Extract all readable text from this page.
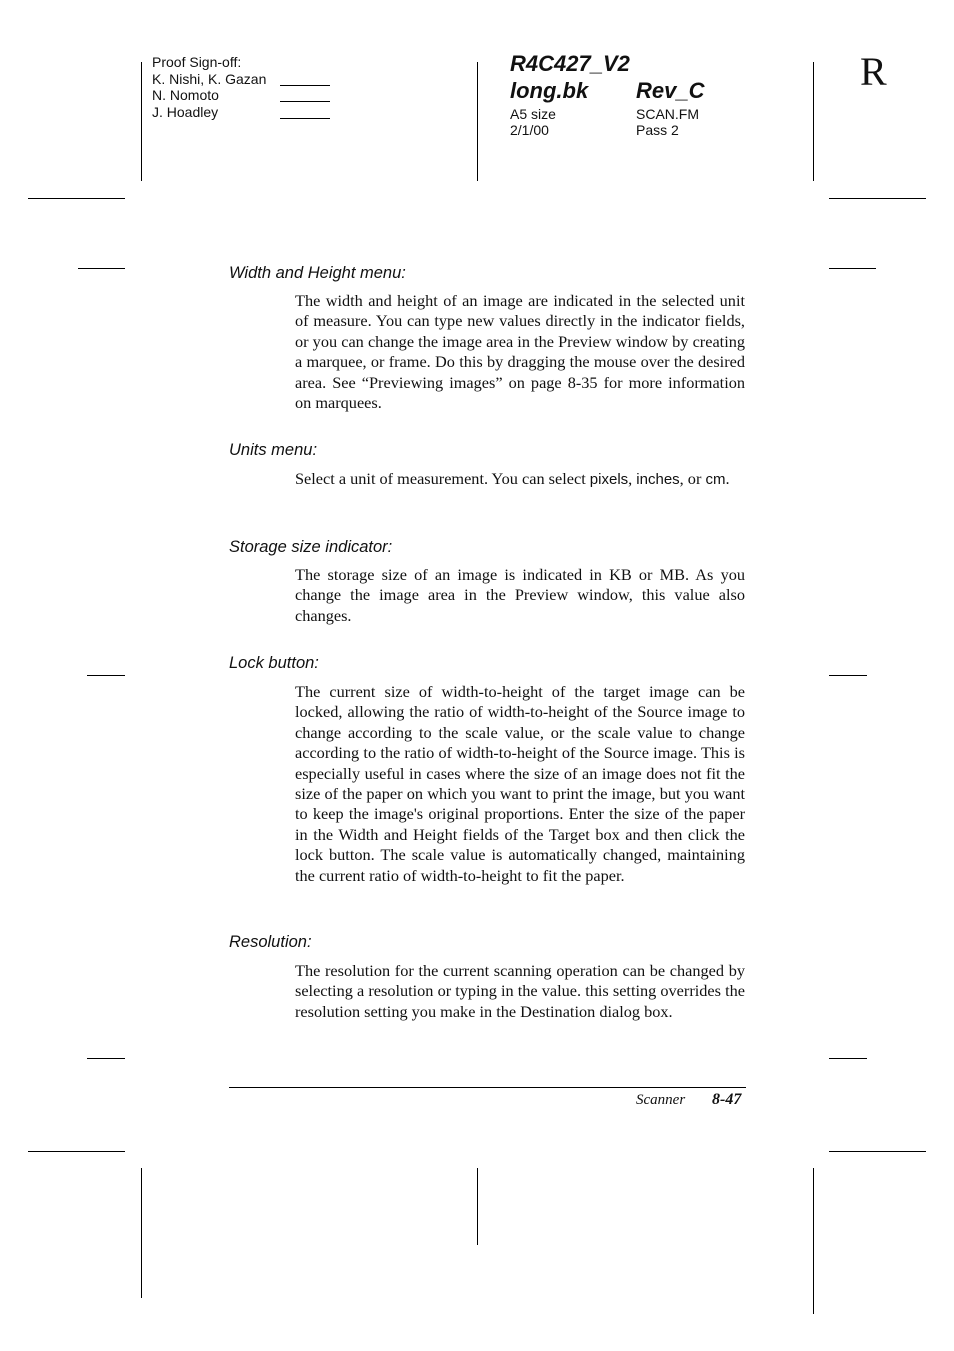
Proof Sign-off:
K. Nishi, K. Gazan
N. Nomoto
J. Hoadley
R4C427_V2
long.bk Rev_C
A5 size
2/1/00
SCAN.FM
Pass 2
R
Width and Height menu:

The width and height of an image are indicated in the selected unit of measure. You can type new values directly in the indicator fields, or you can change the image area in the Preview window by creating a marquee, or frame. Do this by dragging the mouse over the desired area. See “Previewing images” on page 8-35 for more information on marquees.

Units menu:

Select a unit of measurement. You can select pixels, inches, or cm.

Storage size indicator:

The storage size of an image is indicated in KB or MB. As you change the image area in the Preview window, this value also changes.

Lock button:

The current size of width-to-height of the target image can be locked, allowing the ratio of width-to-height of the Source image to change according to the scale value, or the scale value to change according to the ratio of width-to-height of the Source image. This is especially useful in cases where the size of an image does not fit the size of the paper on which you want to print the image, but you want to keep the image's original proportions. Enter the size of the paper in the Width and Height fields of the Target box and then click the lock button. The scale value is automatically changed, maintaining the current ratio of width-to-height to fit the paper.

Resolution:

The resolution for the current scanning operation can be changed by selecting a resolution or typing in the value. this setting overrides the resolution setting you make in the Destination dialog box.

Scanner 8-47
